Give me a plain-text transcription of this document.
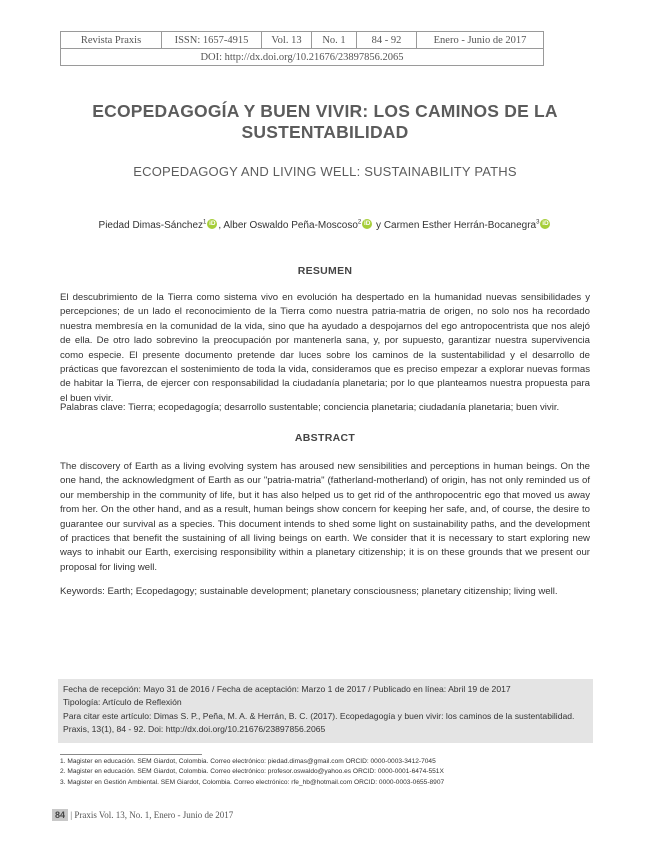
Revista Praxis	ISSN: 1657-4915	Vol. 13	No. 1	84 - 92	Enero - Junio de 2017
DOI: http://dx.doi.org/10.21676/23897856.2065
ECOPEDAGOGÍA Y BUEN VIVIR: LOS CAMINOS DE LA SUSTENTABILIDAD
ECOPEDAGOGY AND LIVING WELL: SUSTAINABILITY PATHS
Piedad Dimas-Sánchez$^1$ iD , Alber Oswaldo Peña-Moscoso$^2$ iD y Carmen Esther Herrán-Bocanegra$^3$ iD
RESUMEN

El descubrimiento de la Tierra como sistema vivo en evolución ha despertado en la humanidad nuevas sensibilidades y percepciones; de un lado el reconocimiento de la Tierra como nuestra patria-matria de origen, no solo nos ha recordado nuestra membresía en la comunidad de la vida, sino que ha ayudado a despojarnos del ego antropocentrista que nos alejó de ella. De otro lado sobrevino la preocupación por mantenerla sana, y, por supuesto, garantizar nuestra supervivencia como especie. El presente documento pretende dar luces sobre los caminos de la sustentabilidad y el desarrollo de prácticas que favorezcan el sostenimiento de toda la vida, consideramos que es preciso empezar a explorar nuevas formas de habitar la Tierra, de ejercer con responsabilidad la ciudadanía planetaria; por lo que planteamos nuestra propuesta para el buen vivir.

Palabras clave: Tierra; ecopedagogía; desarrollo sustentable; conciencia planetaria; ciudadanía planetaria; buen vivir.

ABSTRACT

The discovery of Earth as a living evolving system has aroused new sensibilities and perceptions in human beings. On the one hand, the acknowledgment of Earth as our "patria-matria" (fatherland-motherland) of origin, has not only reminded us of our membership in the community of life, but it has also helped us to get rid of the anthropocentric ego that moved us away from her. On the other hand, and as a result, human beings show concern for keeping her safe, and, of course, the desire to guarantee our survival as a species. This document intends to shed some light on sustainability paths, and the development of practices that benefit the sustaining of all living beings on earth. We consider that it is necessary to start exploring new ways to inhabit our Earth, exercising responsibility within a planetary citizenship; it is on these grounds that we present our proposal for living well.

Keywords: Earth; Ecopedagogy; sustainable development; planetary consciousness; planetary citizenship; living well.

Fecha de recepción: Mayo 31 de 2016 / Fecha de aceptación: Marzo 1 de 2017 / Publicado en línea: Abril 19 de 2017
Tipología: Artículo de Reflexión
Para citar este artículo: Dimas S. P., Peña, M. A. & Herrán, B. C. (2017). Ecopedagogía y buen vivir: los caminos de la sustentabilidad.
Praxis, 13(1), 84 - 92. Doi: http://dx.doi.org/10.21676/23897856.2065
1. Magister en educación. SEM Giardot, Colombia. Correo electrónico: piedad.dimas@gmail.com ORCID: 0000-0003-3412-7045
2. Magister en educación. SEM Giardot, Colombia. Correo electrónico: profesor.oswaldo@yahoo.es ORCID: 0000-0001-6474-551X
3. Magister en Gestión Ambiental. SEM Giardot, Colombia. Correo electrónico: rfe_hb@hotmail.com ORCID: 0000-0003-0655-8907
84 | Praxis Vol. 13, No. 1, Enero - Junio de 2017
